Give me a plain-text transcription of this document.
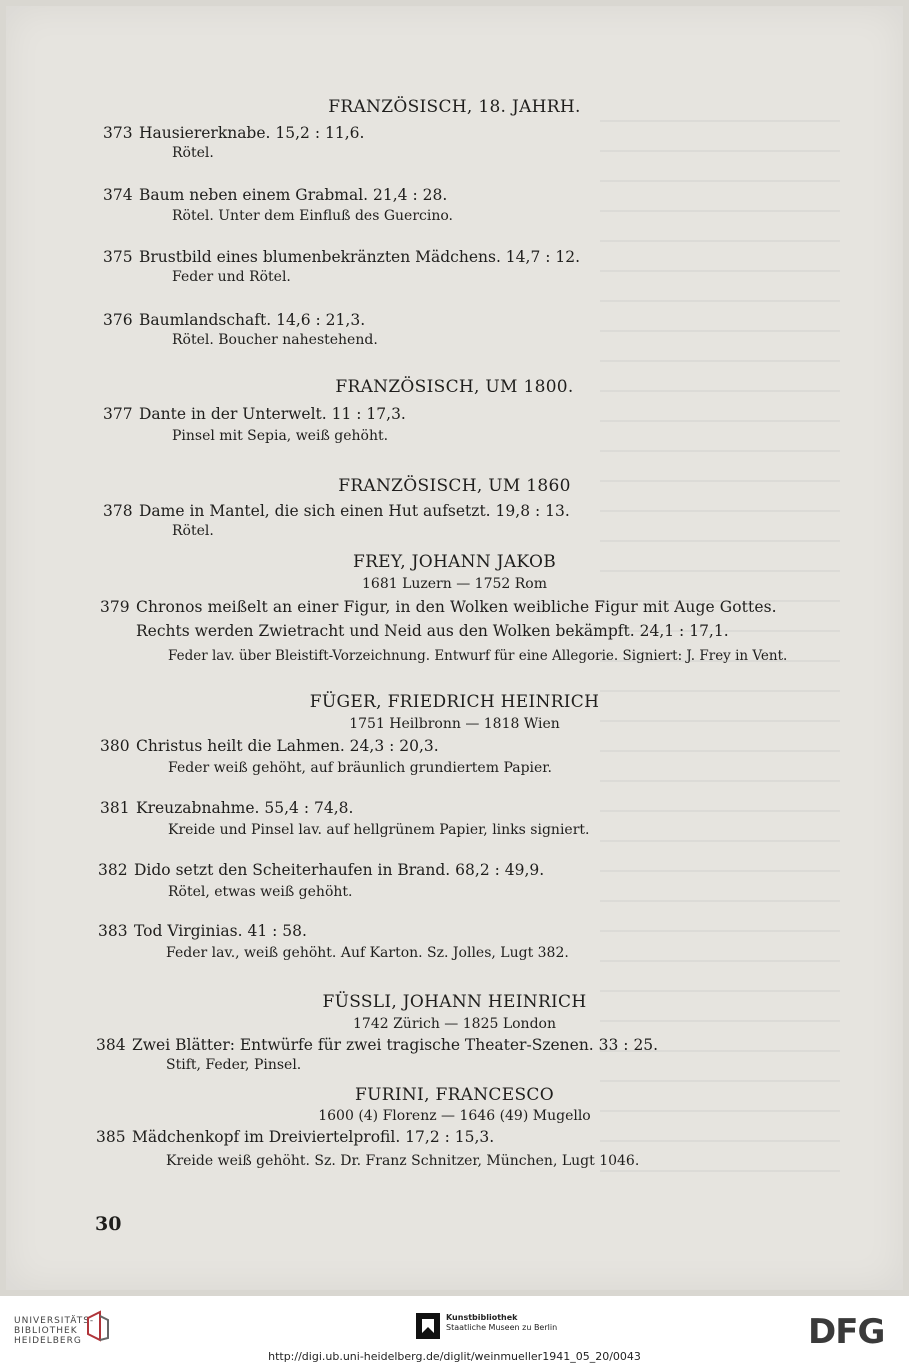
FRANZÖSISCH, 18. JAHRH.
373 Hausiererknabe. 15,2 : 11,6.
Rötel.
374 Baum neben einem Grabmal. 21,4 : 28.
Rötel. Unter dem Einfluß des Guercino.
375 Brustbild eines blumenbekränzten Mädchens. 14,7 : 12.
Feder und Rötel.
376 Baumlandschaft. 14,6 : 21,3.
Rötel. Boucher nahestehend.
FRANZÖSISCH, UM 1800.
377 Dante in der Unterwelt. 11 : 17,3.
Pinsel mit Sepia, weiß gehöht.
FRANZÖSISCH, UM 1860
378 Dame in Mantel, die sich einen Hut aufsetzt. 19,8 : 13.
Rötel.
FREY, JOHANN JAKOB
1681 Luzern — 1752 Rom
379 Chronos meißelt an einer Figur, in den Wolken weibliche Figur mit Auge Gottes.
Rechts werden Zwietracht und Neid aus den Wolken bekämpft. 24,1 : 17,1.
Feder lav. über Bleistift-Vorzeichnung. Entwurf für eine Allegorie. Signiert: J. Frey in Vent.
FÜGER, FRIEDRICH HEINRICH
1751 Heilbronn — 1818 Wien
380 Christus heilt die Lahmen. 24,3 : 20,3.
Feder weiß gehöht, auf bräunlich grundiertem Papier.
381 Kreuzabnahme. 55,4 : 74,8.
Kreide und Pinsel lav. auf hellgrünem Papier, links signiert.
382 Dido setzt den Scheiterhaufen in Brand. 68,2 : 49,9.
Rötel, etwas weiß gehöht.
383 Tod Virginias. 41 : 58.
Feder lav., weiß gehöht. Auf Karton. Sz. Jolles, Lugt 382.
FÜSSLI, JOHANN HEINRICH
1742 Zürich — 1825 London
384 Zwei Blätter: Entwürfe für zwei tragische Theater-Szenen. 33 : 25.
Stift, Feder, Pinsel.
FURINI, FRANCESCO
1600 (4) Florenz — 1646 (49) Mugello
385 Mädchenkopf im Dreiviertelprofil. 17,2 : 15,3.
Kreide weiß gehöht. Sz. Dr. Franz Schnitzer, München, Lugt 1046.
30
UNIVERSITÄTS-
BIBLIOTHEK
HEIDELBERG
Kunstbibliothek
Staatliche Museen zu Berlin	DFG
http://digi.ub.uni-heidelberg.de/diglit/weinmueller1941_05_20/0043
